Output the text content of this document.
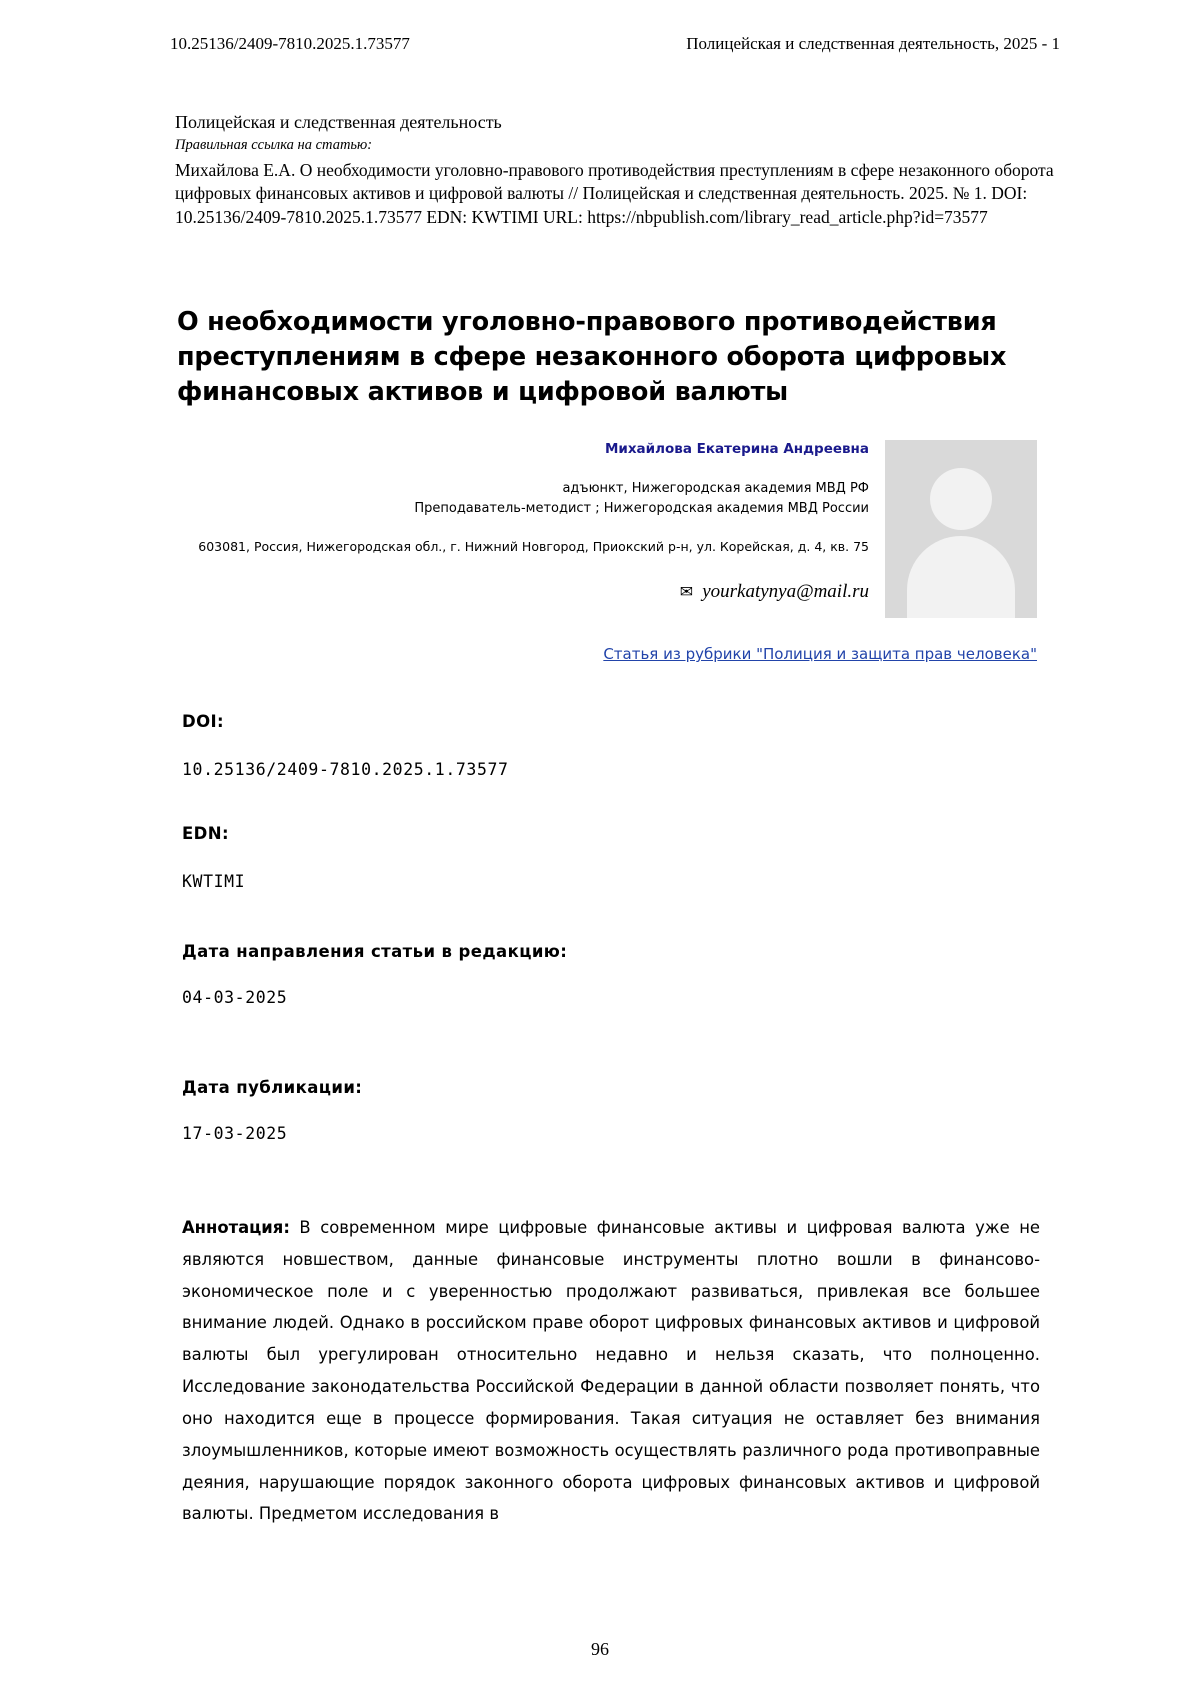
10.25136/2409-7810.2025.1.73577	Полицейская и следственная деятельность, 2025 - 1
Полицейская и следственная деятельность
Правильная ссылка на статью:
Михайлова Е.А. О необходимости уголовно-правового противодействия преступлениям в сфере незаконного оборота цифровых финансовых активов и цифровой валюты // Полицейская и следственная деятельность. 2025. № 1. DOI: 10.25136/2409-7810.2025.1.73577 EDN: KWTIMI URL: https://nbpublish.com/library_read_article.php?id=73577
О необходимости уголовно-правового противодействия преступлениям в сфере незаконного оборота цифровых финансовых активов и цифровой валюты
Михайлова Екатерина Андреевна
адъюнкт, Нижегородская академия МВД РФ
Преподаватель-методист ; Нижегородская академия МВД России
603081, Россия, Нижегородская обл., г. Нижний Новгород, Приокский р-н, ул. Корейская, д. 4, кв. 75
✉ yourkatynya@mail.ru
Статья из рубрики "Полиция и защита прав человека"
DOI:
10.25136/2409-7810.2025.1.73577
EDN:
KWTIMI
Дата направления статьи в редакцию:
04-03-2025
Дата публикации:
17-03-2025
Аннотация: В современном мире цифровые финансовые активы и цифровая валюта уже не являются новшеством, данные финансовые инструменты плотно вошли в финансово-экономическое поле и с уверенностью продолжают развиваться, привлекая все большее внимание людей. Однако в российском праве оборот цифровых финансовых активов и цифровой валюты был урегулирован относительно недавно и нельзя сказать, что полноценно. Исследование законодательства Российской Федерации в данной области позволяет понять, что оно находится еще в процессе формирования. Такая ситуация не оставляет без внимания злоумышленников, которые имеют возможность осуществлять различного рода противоправные деяния, нарушающие порядок законного оборота цифровых финансовых активов и цифровой валюты. Предметом исследования в
96
